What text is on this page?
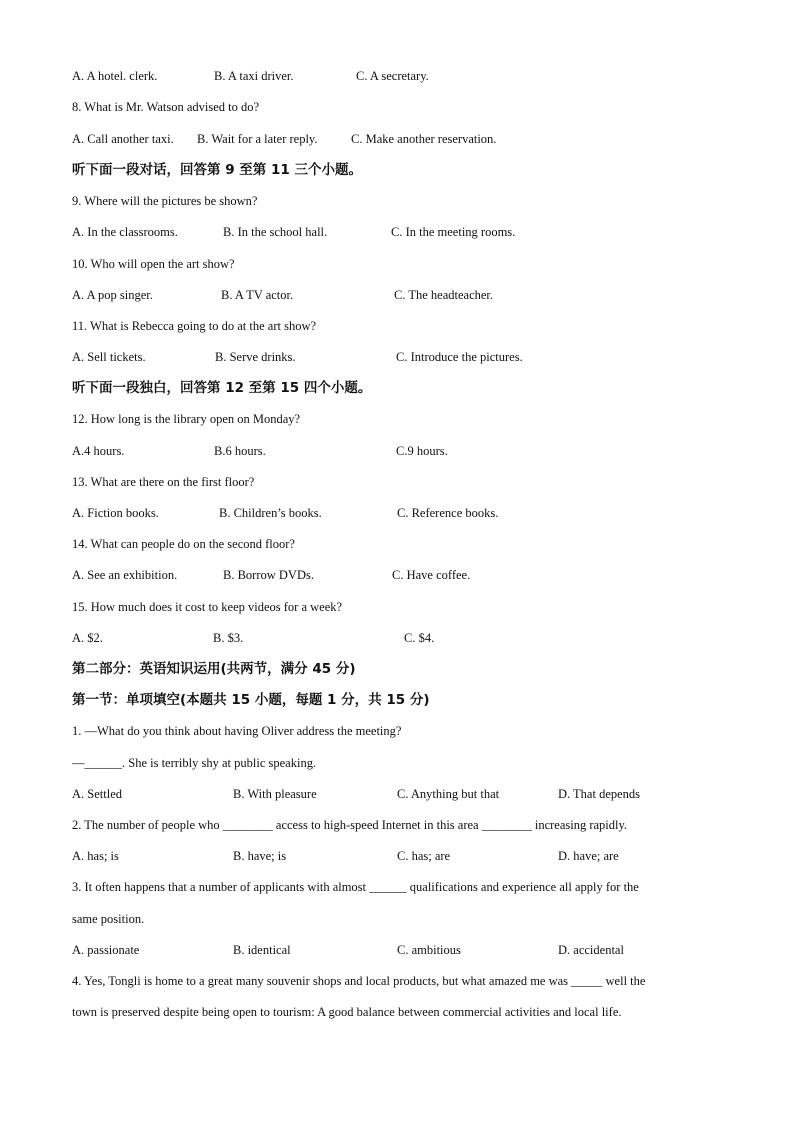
A. A hotel. clerk.	B. A taxi driver.	C. A secretary.
8. What is Mr. Watson advised to do?
A. Call another taxi. B. Wait for a later reply.	C. Make another reservation.
听下面一段对话，回答第 9 至第 11 三个小题。
9. Where will the pictures be shown?
A. In the classrooms.	B. In the school hall.	C. In the meeting rooms.
10. Who will open the art show?
A. A pop singer.	B. A TV actor.	C. The headteacher.
11. What is Rebecca going to do at the art show?
A. Sell tickets.	B. Serve drinks.	C. Introduce the pictures.
听下面一段独白，回答第 12 至第 15 四个小题。
12. How long is the library open on Monday?
A.4 hours.	B.6 hours.	C.9 hours.
13. What are there on the first floor?
A. Fiction books.	B. Children’s books.	C. Reference books.
14. What can people do on the second floor?
A. See an exhibition.	B. Borrow DVDs.	C. Have coffee.
15. How much does it cost to keep videos for a week?
A. $2.	B. $3.	C. $4.
第二部分：英语知识运用(共两节，满分 45 分)
第一节：单项填空(本题共 15 小题，每题 1 分，共 15 分)
1. —What do you think about having Oliver address the meeting?
—______. She is terribly shy at public speaking.
A. Settled	B. With pleasure	C. Anything but that	D. That depends
2. The number of people who ________ access to high-speed Internet in this area ________ increasing rapidly.
A. has; is	B. have; is	C. has; are	D. have; are
3. It often happens that a number of applicants with almost ______ qualifications and experience all apply for the
same position.
A. passionate	B. identical	C. ambitious	D. accidental
4. Yes, Tongli is home to a great many souvenir shops and local products, but what amazed me was _____ well the
town is preserved despite being open to tourism: A good balance between commercial activities and local life.
